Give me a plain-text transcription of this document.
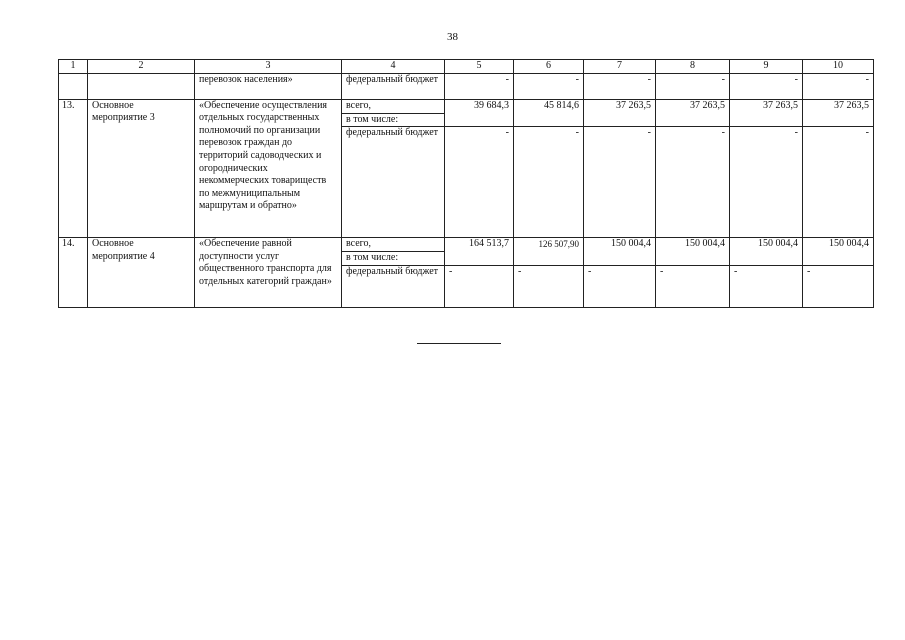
38
1	2	3	4	5	6	7	8	9	10
		перевозок населения»	федеральный бюджет	-	-	-	-	-	-
13.	Основное мероприятие 3	«Обеспечение осуществления отдельных государственных полномочий по организации перевозок граждан до территорий садоводческих и огороднических некоммерческих товариществ по межмуниципальным маршрутам и обратно»	всего,	39 684,3	45 814,6	37 263,5	37 263,5	37 263,5	37 263,5
			в том числе:						
			федеральный бюджет	-	-	-	-	-	-
14.	Основное мероприятие 4	«Обеспечение равной доступности услуг общественного транспорта для отдельных категорий граждан»	всего,	164 513,7	126 507,90	150 004,4	150 004,4	150 004,4	150 004,4
			в том числе:						
			федеральный бюджет	-	-	-	-	-	-
